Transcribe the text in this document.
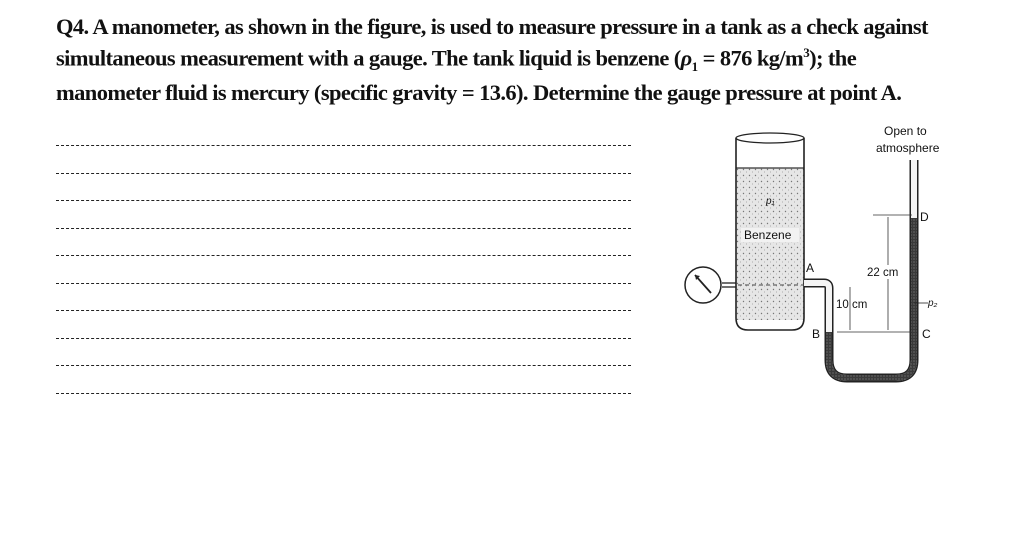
Q4. A manometer, as shown in the figure, is used to measure pressure in a tank as a check against
simultaneous measurement with a gauge. The tank liquid is benzene ($\rho_1 = 876$ $kg/m^3$); the
manometer fluid is mercury (specific gravity = 13.6). Determine the gauge pressure at point A.
p₁
Benzene
Open to
atmosphere
A
B	C
D
p₂
22 cm
10 cm
